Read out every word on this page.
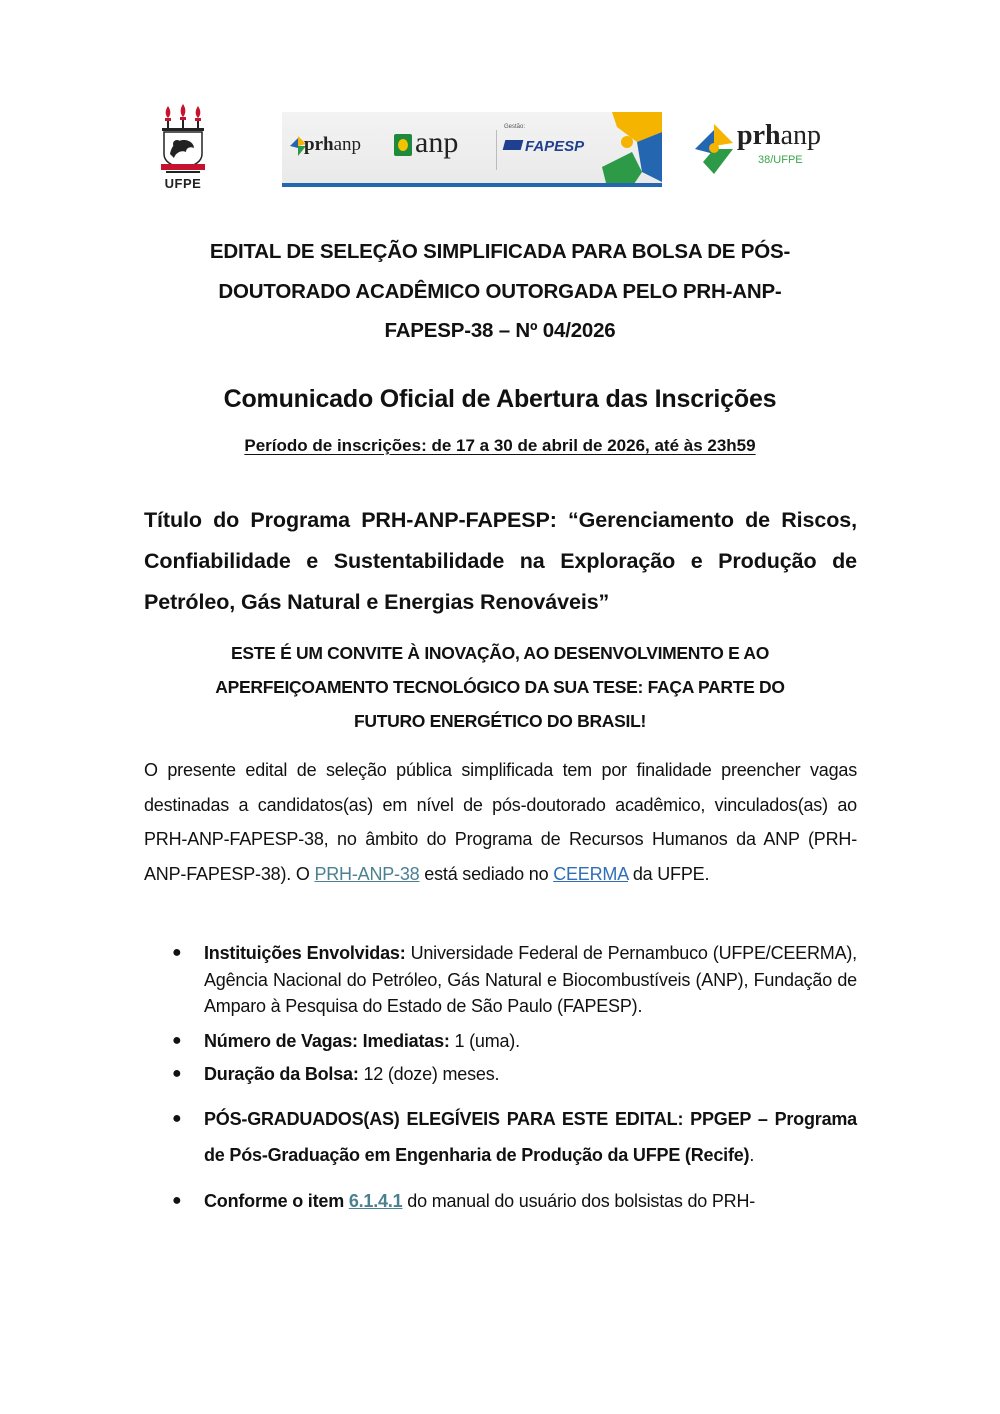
UFPE
prhanp anp	Gestão:
FAPESP	prhanp
38/UFPE
EDITAL DE SELEÇÃO SIMPLIFICADA PARA BOLSA DE PÓS-
DOUTORADO ACADÊMICO OUTORGADA PELO PRH-ANP-
FAPESP-38 – Nº 04/2026
Comunicado Oficial de Abertura das Inscrições
Período de inscrições: de 17 a 30 de abril de 2026, até às 23h59
Título do Programa PRH-ANP-FAPESP: “Gerenciamento de Riscos, Confiabilidade e Sustentabilidade na Exploração e Produção de Petróleo, Gás Natural e Energias Renováveis”
ESTE É UM CONVITE À INOVAÇÃO, AO DESENVOLVIMENTO E AO
APERFEIÇOAMENTO TECNOLÓGICO DA SUA TESE: FAÇA PARTE DO
FUTURO ENERGÉTICO DO BRASIL!
O presente edital de seleção pública simplificada tem por finalidade preencher vagas destinadas a candidatos(as) em nível de pós-doutorado acadêmico, vinculados(as) ao PRH-ANP-FAPESP-38, no âmbito do Programa de Recursos Humanos da ANP (PRH-ANP-FAPESP-38). O PRH-ANP-38 está sediado no CEERMA da UFPE.
● Instituições Envolvidas: Universidade Federal de Pernambuco (UFPE/CEERMA), Agência Nacional do Petróleo, Gás Natural e Biocombustíveis (ANP), Fundação de Amparo à Pesquisa do Estado de São Paulo (FAPESP).
● Número de Vagas: Imediatas: 1 (uma).
● Duração da Bolsa: 12 (doze) meses.
● PÓS-GRADUADOS(AS) ELEGÍVEIS PARA ESTE EDITAL: PPGEP – Programa de Pós-Graduação em Engenharia de Produção da UFPE (Recife).
● Conforme o item 6.1.4.1 do manual do usuário dos bolsistas do PRH-
